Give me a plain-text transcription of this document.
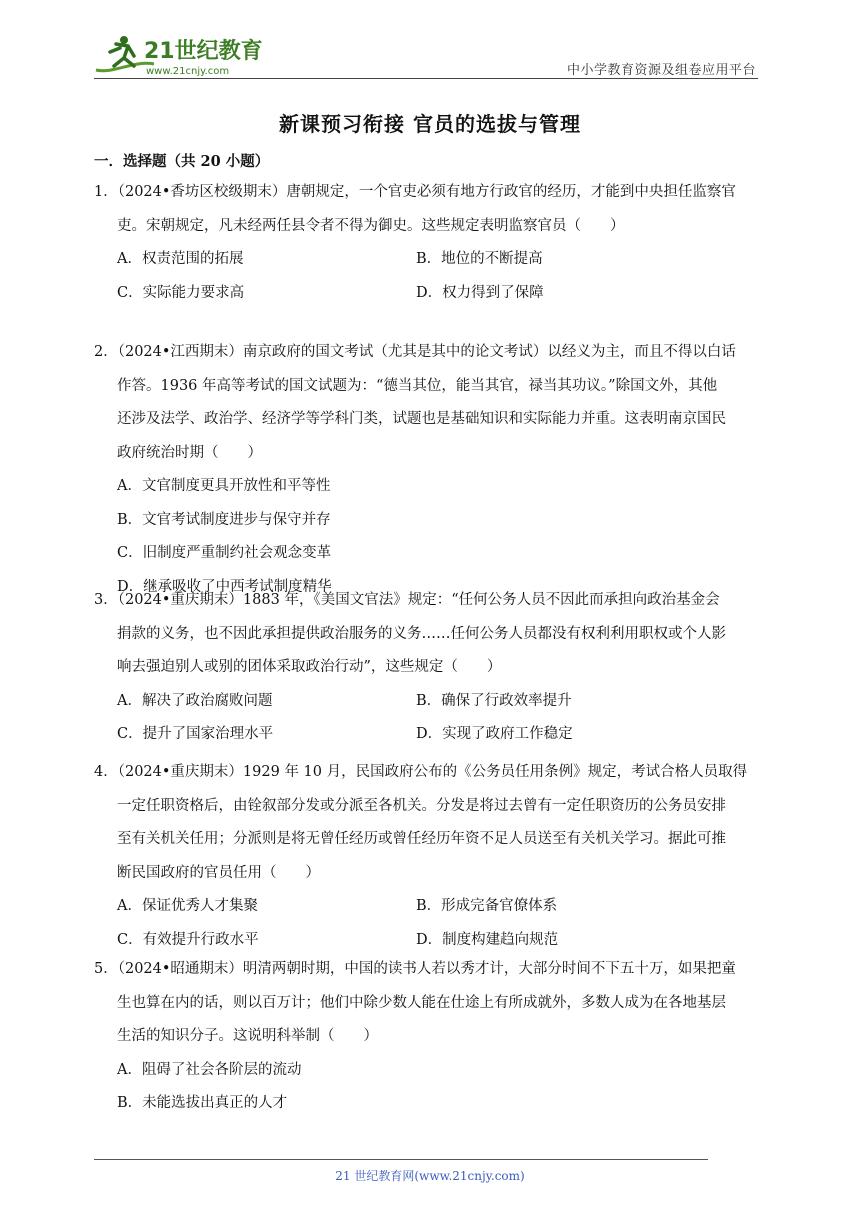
21世纪教育
www.21cnjy.com	中小学教育资源及组卷应用平台
新课预习衔接 官员的选拔与管理
一．选择题（共 20 小题）
1．（2024•香坊区校级期末）唐朝规定，一个官吏必须有地方行政官的经历，才能到中央担任监察官
吏。宋朝规定，凡未经两任县令者不得为御史。这些规定表明监察官员（　　）
A．权责范围的拓展	B．地位的不断提高
C．实际能力要求高	D．权力得到了保障
2．（2024•江西期末）南京政府的国文考试（尤其是其中的论文考试）以经义为主，而且不得以白话
作答。1936 年高等考试的国文试题为：“德当其位，能当其官，禄当其功议。”除国文外，其他
还涉及法学、政治学、经济学等学科门类，试题也是基础知识和实际能力并重。这表明南京国民
政府统治时期（　　）
A．文官制度更具开放性和平等性
B．文官考试制度进步与保守并存
C．旧制度严重制约社会观念变革
D．继承吸收了中西考试制度精华
3．（2024•重庆期末）1883 年，《美国文官法》规定：“任何公务人员不因此而承担向政治基金会
捐款的义务，也不因此承担提供政治服务的义务……任何公务人员都没有权利利用职权或个人影
响去强迫别人或别的团体采取政治行动”，这些规定（　　）
A．解决了政治腐败问题	B．确保了行政效率提升
C．提升了国家治理水平	D．实现了政府工作稳定
4．（2024•重庆期末）1929 年 10 月，民国政府公布的《公务员任用条例》规定，考试合格人员取得
一定任职资格后，由铨叙部分发或分派至各机关。分发是将过去曾有一定任职资历的公务员安排
至有关机关任用；分派则是将无曾任经历或曾任经历年资不足人员送至有关机关学习。据此可推
断民国政府的官员任用（　　）
A．保证优秀人才集聚	B．形成完备官僚体系
C．有效提升行政水平	D．制度构建趋向规范
5．（2024•昭通期末）明清两朝时期，中国的读书人若以秀才计，大部分时间不下五十万，如果把童
生也算在内的话，则以百万计；他们中除少数人能在仕途上有所成就外，多数人成为在各地基层
生活的知识分子。这说明科举制（　　）
A．阻碍了社会各阶层的流动
B．未能选拔出真正的人才
21 世纪教育网(www.21cnjy.com)
